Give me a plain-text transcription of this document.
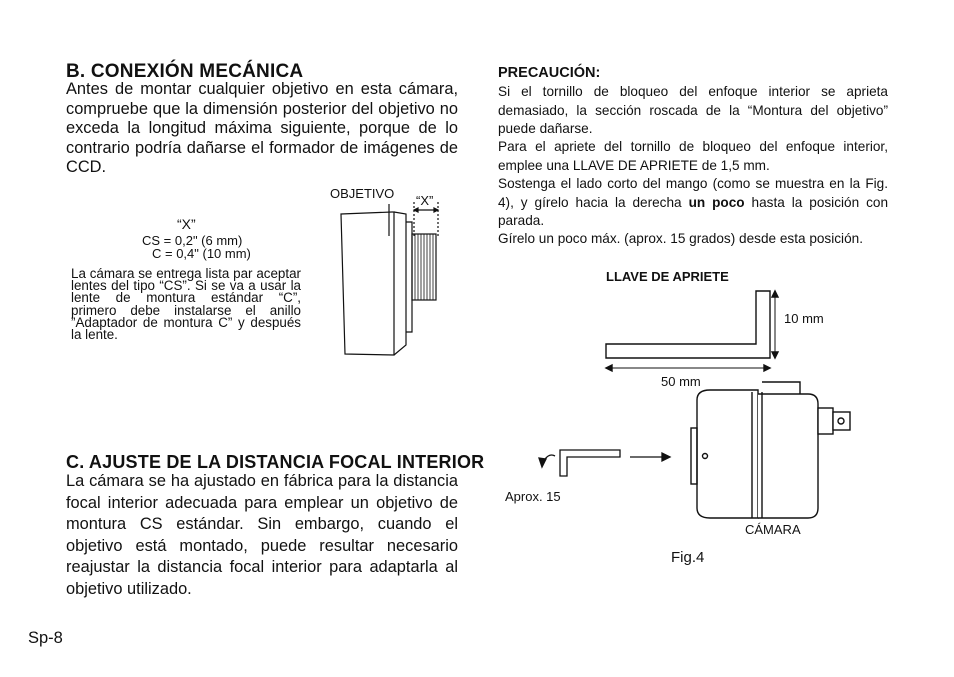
B. CONEXIÓN MECÁNICA

Antes de montar cualquier objetivo en esta cámara, compruebe que la dimensión posterior del objetivo no exceda la longitud máxima siguiente, porque de lo contrario podría dañarse el formador de imágenes de CCD.

“X”
CS = 0,2" (6 mm)
C = 0,4" (10 mm)

La cámara se entrega lista par aceptar lentes del tipo “CS”. Si se va a usar la lente de montura estándar “C”, primero debe instalarse el anillo ”Adaptador de montura C” y después la lente.

OBJETIVO “X”
C. AJUSTE DE LA DISTANCIA FOCAL INTERIOR

La cámara se ha ajustado en fábrica para la distancia focal interior adecuada para emplear un objetivo de montura CS estándar. Sin embargo, cuando el objetivo está montado, puede resultar necesario reajustar la distancia focal interior para adaptarla al objetivo utilizado.

PRECAUCIÓN:

Si el tornillo de bloqueo del enfoque interior se aprieta demasiado, la sección roscada de la “Montura del objetivo” puede dañarse.

Para el apriete del tornillo de bloqueo del enfoque interior, emplee una LLAVE DE APRIETE de 1,5 mm.

Sostenga el lado corto del mango (como se muestra en la Fig. 4), y gírelo hacia la derecha un poco hasta la posición con parada.

Gírelo un poco máx. (aprox. 15 grados) desde esta posición.

LLAVE DE APRIETE
10 mm
50 mm
Aprox. 15
CÁMARA
Fig.4
Sp-8
